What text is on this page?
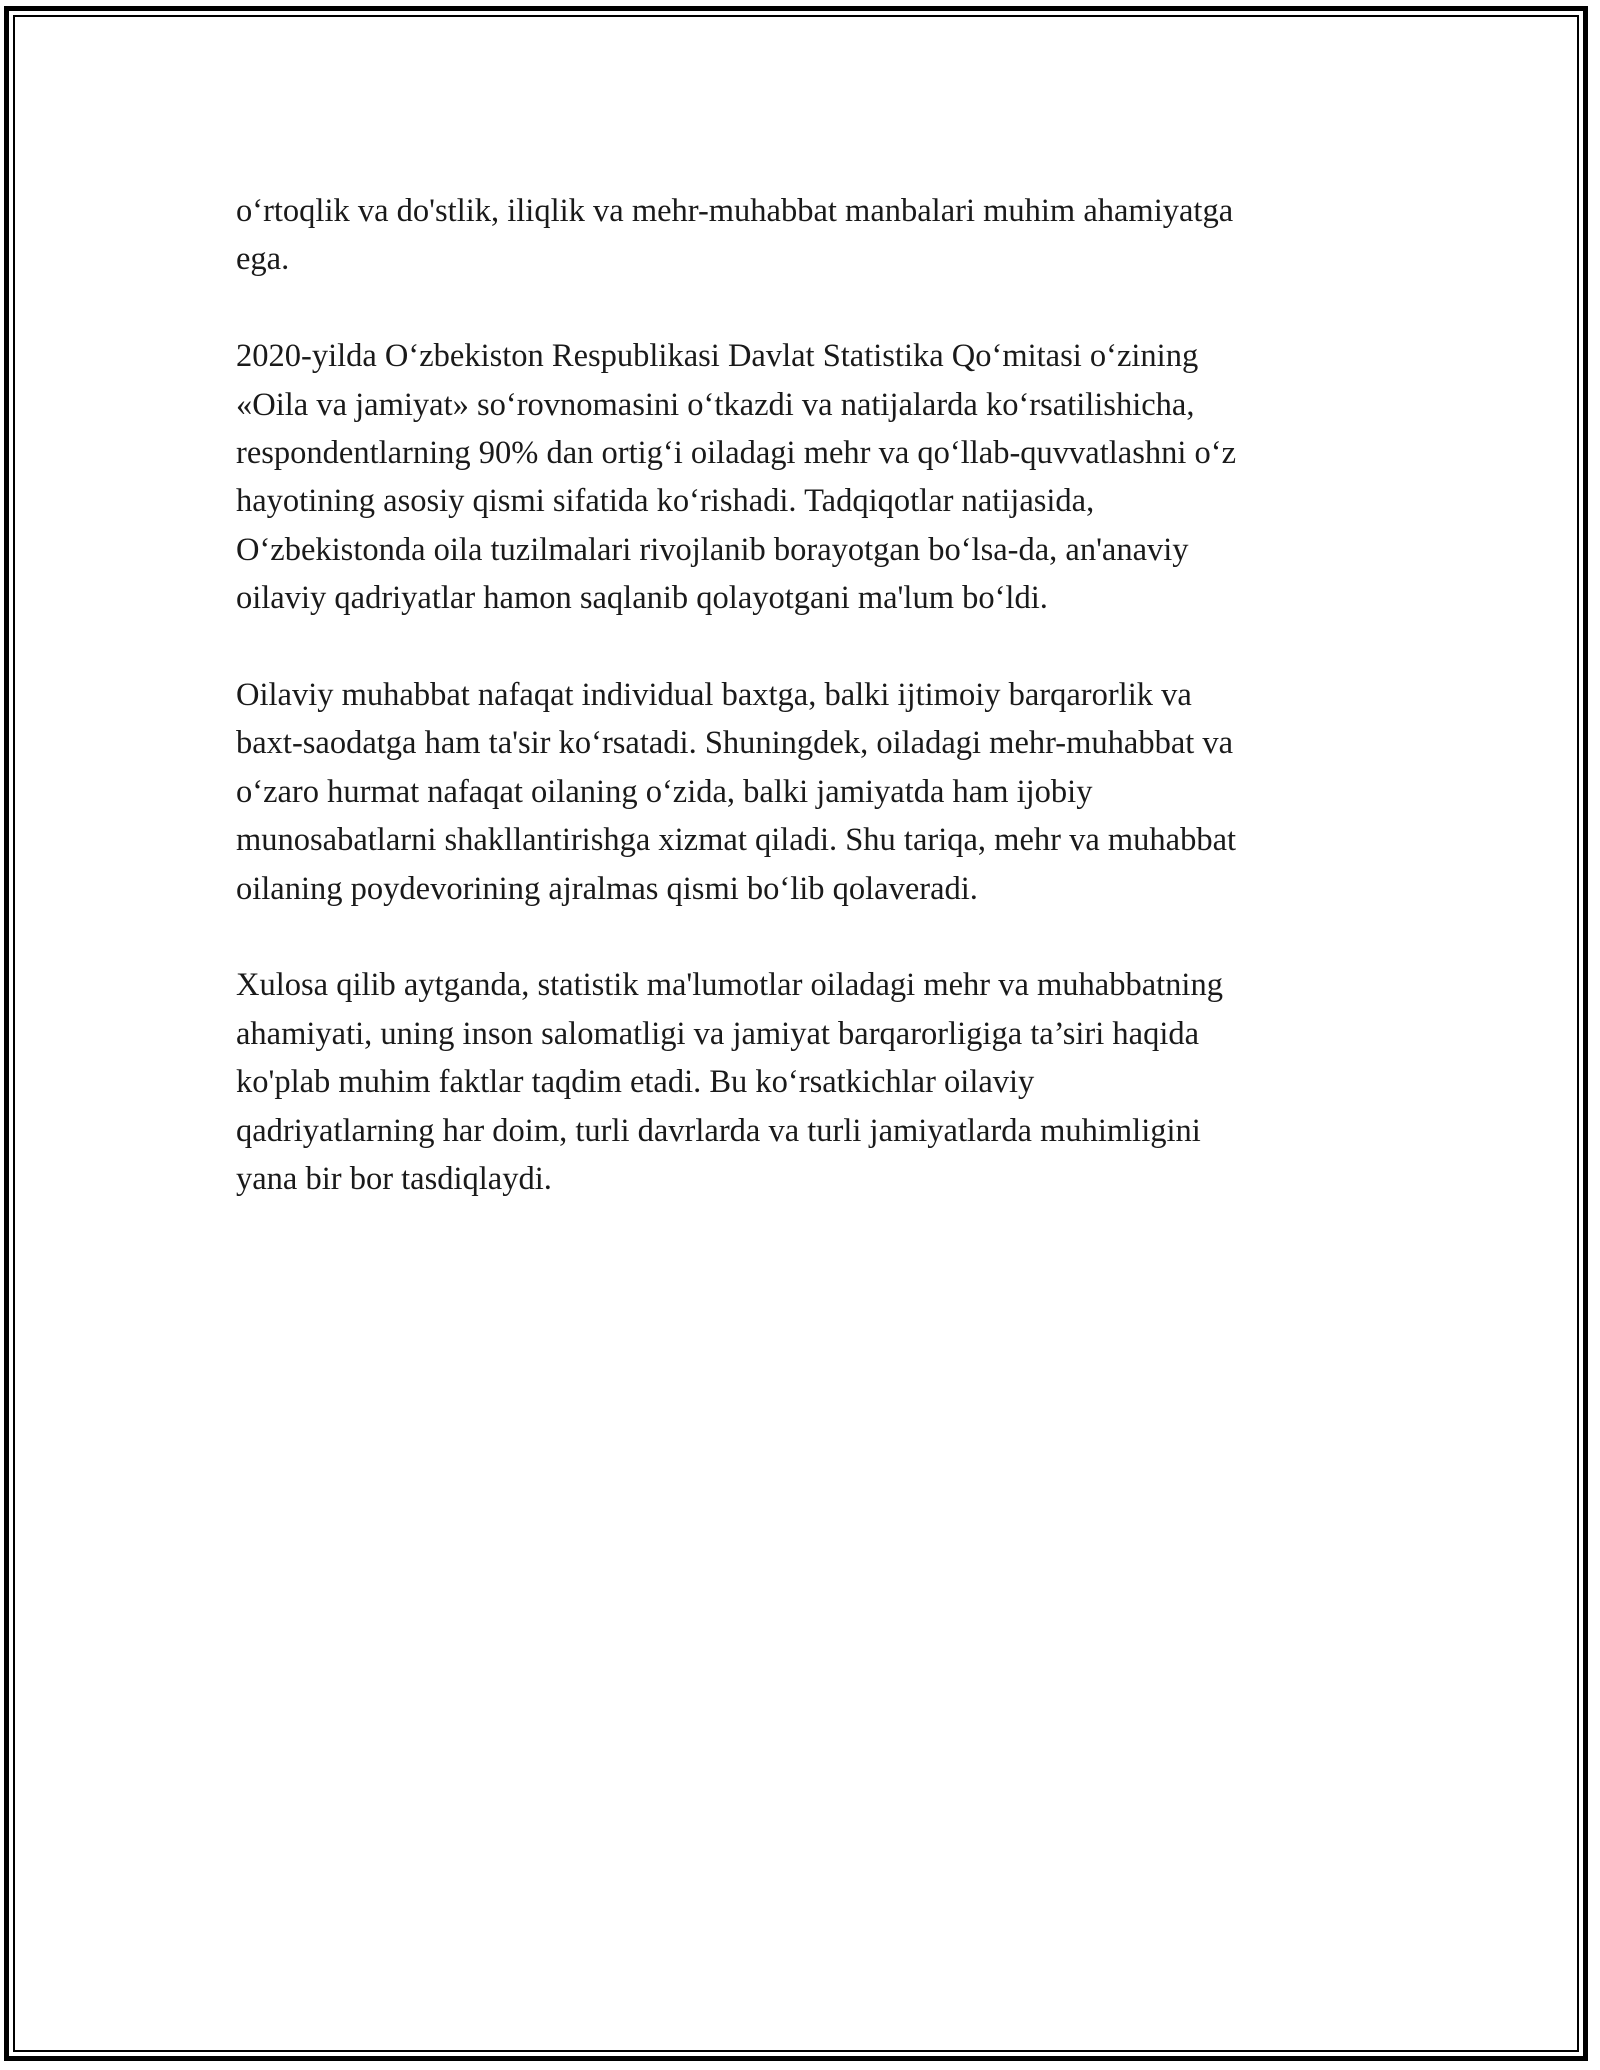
oʻrtoqlik va do'stlik, iliqlik va mehr-muhabbat manbalari muhim ahamiyatga
ega.

2020-yilda Oʻzbekiston Respublikasi Davlat Statistika Qoʻmitasi oʻzining
«Oila va jamiyat» soʻrovnomasini oʻtkazdi va natijalarda koʻrsatilishicha,
respondentlarning 90% dan ortigʻi oiladagi mehr va qoʻllab-quvvatlashni oʻz
hayotining asosiy qismi sifatida koʻrishadi. Tadqiqotlar natijasida,
Oʻzbekistonda oila tuzilmalari rivojlanib borayotgan boʻlsa-da, an'anaviy
oilaviy qadriyatlar hamon saqlanib qolayotgani ma'lum boʻldi.

Oilaviy muhabbat nafaqat individual baxtga, balki ijtimoiy barqarorlik va
baxt-saodatga ham ta'sir koʻrsatadi. Shuningdek, oiladagi mehr-muhabbat va
oʻzaro hurmat nafaqat oilaning oʻzida, balki jamiyatda ham ijobiy
munosabatlarni shakllantirishga xizmat qiladi. Shu tariqa, mehr va muhabbat
oilaning poydevorining ajralmas qismi boʻlib qolaveradi.

Xulosa qilib aytganda, statistik ma'lumotlar oiladagi mehr va muhabbatning
ahamiyati, uning inson salomatligi va jamiyat barqarorligiga ta’siri haqida
ko'plab muhim faktlar taqdim etadi. Bu koʻrsatkichlar oilaviy
qadriyatlarning har doim, turli davrlarda va turli jamiyatlarda muhimligini
yana bir bor tasdiqlaydi.
